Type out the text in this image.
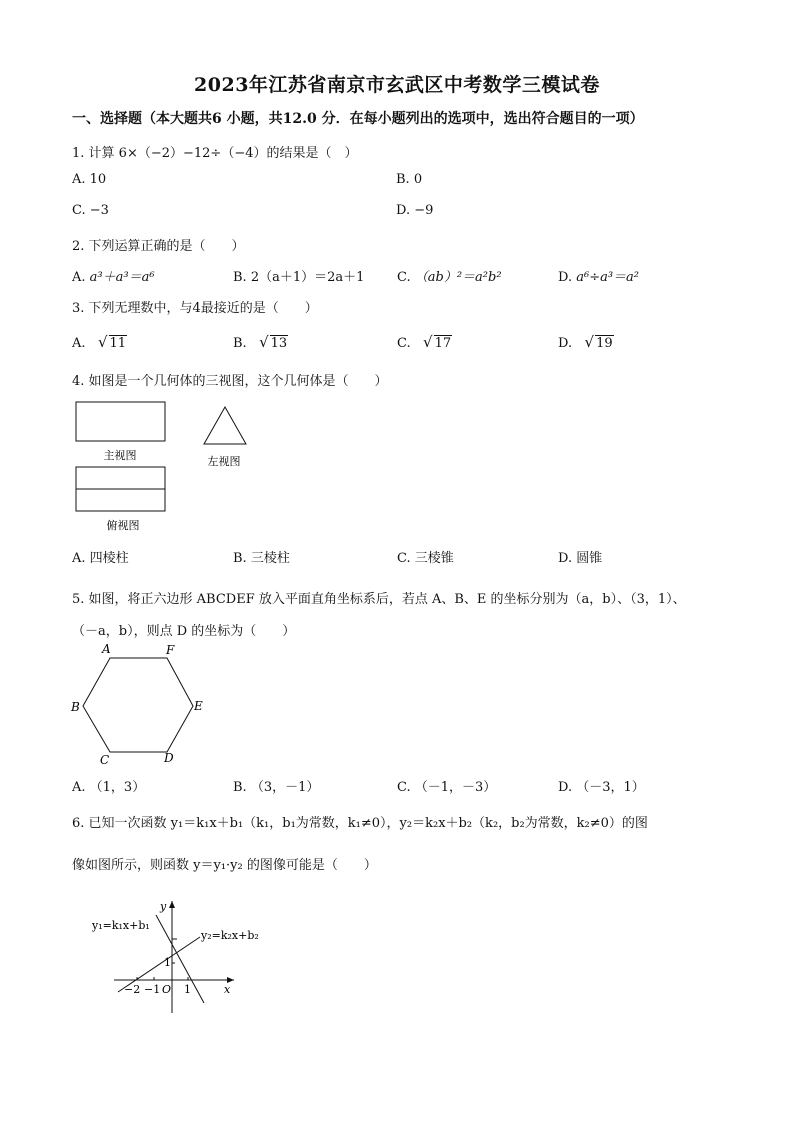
2023年江苏省南京市玄武区中考数学三模试卷
一、选择题（本大题共6 小题，共12.0 分．在每小题列出的选项中，选出符合题目的一项）
1. 计算 6×（−2）−12÷（−4）的结果是（　）
A. 10	B. 0
C. −3	D. −9
2. 下列运算正确的是（　　）
A. a³＋a³＝a⁶	B. 2（a＋1）＝2a＋1	C. （ab）²＝a²b²	D. a⁶÷a³＝a²
3. 下列无理数中，与4最接近的是（　　）
A. √ 11	B. √ 13	C. √ 17	D. √ 19
4. 如图是一个几何体的三视图，这个几何体是（　　）
主视图	左视图
俯视图
A. 四棱柱	B. 三棱柱	C. 三棱锥	D. 圆锥
5. 如图，将正六边形 ABCDEF 放入平面直角坐标系后，若点 A、B、E 的坐标分别为（a，b）、（3，1）、
（－a，b），则点 D 的坐标为（　　）
A	F
B	E
C	D
A. （1，3）	B. （3，－1）	C. （－1，－3）	D. （－3，1）
6. 已知一次函数 y₁＝k₁x＋b₁（k₁，b₁为常数，k₁≠0），y₂＝k₂x＋b₂（k₂，b₂为常数，k₂≠0）的图
像如图所示，则函数 y＝y₁·y₂ 的图像可能是（　　）
y₁=k₁x+b₁
y₂=k₂x+b₂
y
x
O
1
1
−2 −1
